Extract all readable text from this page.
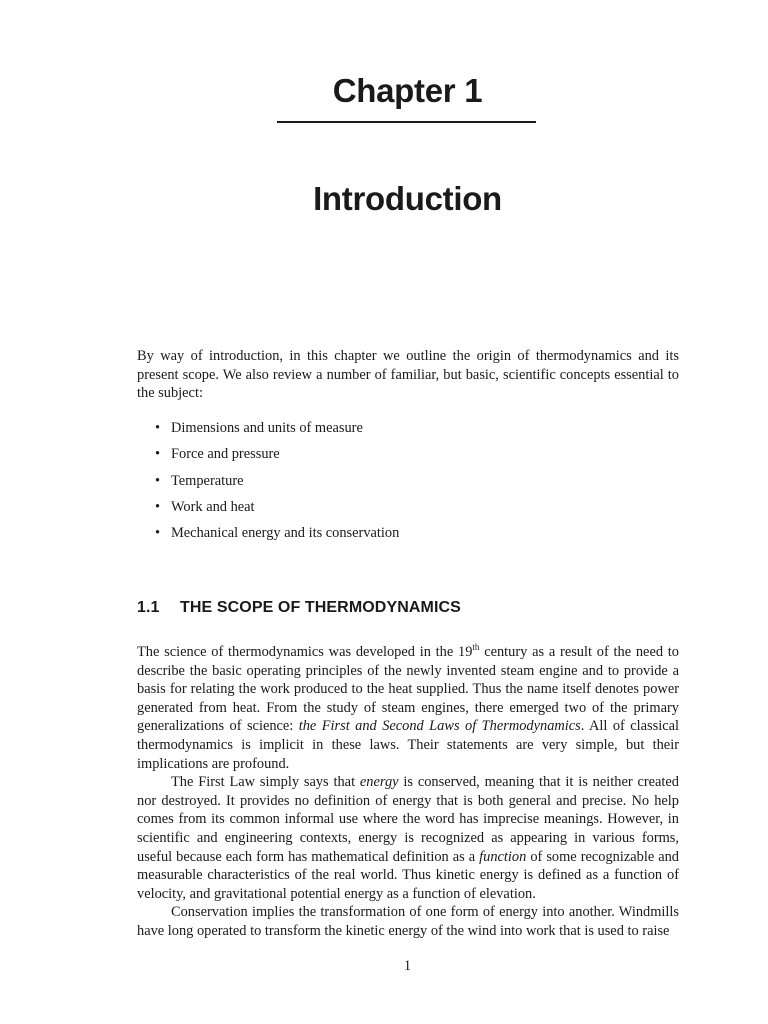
Chapter 1
Introduction
By way of introduction, in this chapter we outline the origin of thermodynamics and its present scope. We also review a number of familiar, but basic, scientific concepts essential to the subject:
• Dimensions and units of measure
• Force and pressure
• Temperature
• Work and heat
• Mechanical energy and its conservation
1.1 THE SCOPE OF THERMODYNAMICS

The science of thermodynamics was developed in the 19th century as a result of the need to describe the basic operating principles of the newly invented steam engine and to provide a basis for relating the work produced to the heat supplied. Thus the name itself denotes power generated from heat. From the study of steam engines, there emerged two of the primary generalizations of science: the First and Second Laws of Thermodynamics. All of classical thermodynamics is implicit in these laws. Their statements are very simple, but their implications are profound.

The First Law simply says that energy is conserved, meaning that it is neither created nor destroyed. It provides no definition of energy that is both general and precise. No help comes from its common informal use where the word has imprecise meanings. However, in scientific and engineering contexts, energy is recognized as appearing in various forms, useful because each form has mathematical definition as a function of some recognizable and measurable characteristics of the real world. Thus kinetic energy is defined as a function of velocity, and gravitational potential energy as a function of elevation.

Conservation implies the transformation of one form of energy into another. Windmills have long operated to transform the kinetic energy of the wind into work that is used to raise

1
